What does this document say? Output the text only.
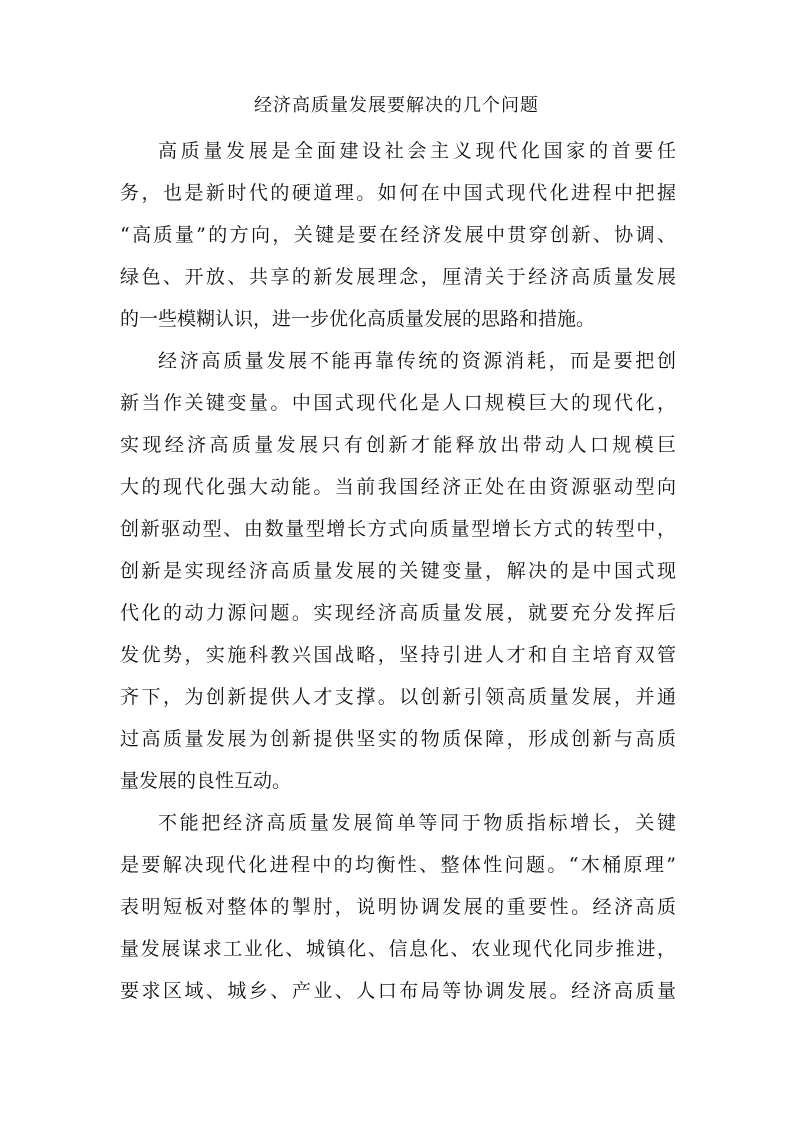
经济高质量发展要解决的几个问题
高质量发展是全面建设社会主义现代化国家的首要任
务，也是新时代的硬道理。如何在中国式现代化进程中把握
“高质量”的方向，关键是要在经济发展中贯穿创新、协调、
绿色、开放、共享的新发展理念，厘清关于经济高质量发展
的一些模糊认识，进一步优化高质量发展的思路和措施。
经济高质量发展不能再靠传统的资源消耗，而是要把创
新当作关键变量。中国式现代化是人口规模巨大的现代化，
实现经济高质量发展只有创新才能释放出带动人口规模巨
大的现代化强大动能。当前我国经济正处在由资源驱动型向
创新驱动型、由数量型增长方式向质量型增长方式的转型中，
创新是实现经济高质量发展的关键变量，解决的是中国式现
代化的动力源问题。实现经济高质量发展，就要充分发挥后
发优势，实施科教兴国战略，坚持引进人才和自主培育双管
齐下，为创新提供人才支撑。以创新引领高质量发展，并通
过高质量发展为创新提供坚实的物质保障，形成创新与高质
量发展的良性互动。
不能把经济高质量发展简单等同于物质指标增长，关键
是要解决现代化进程中的均衡性、整体性问题。“木桶原理”
表明短板对整体的掣肘，说明协调发展的重要性。经济高质
量发展谋求工业化、城镇化、信息化、农业现代化同步推进，
要求区域、城乡、产业、人口布局等协调发展。经济高质量
